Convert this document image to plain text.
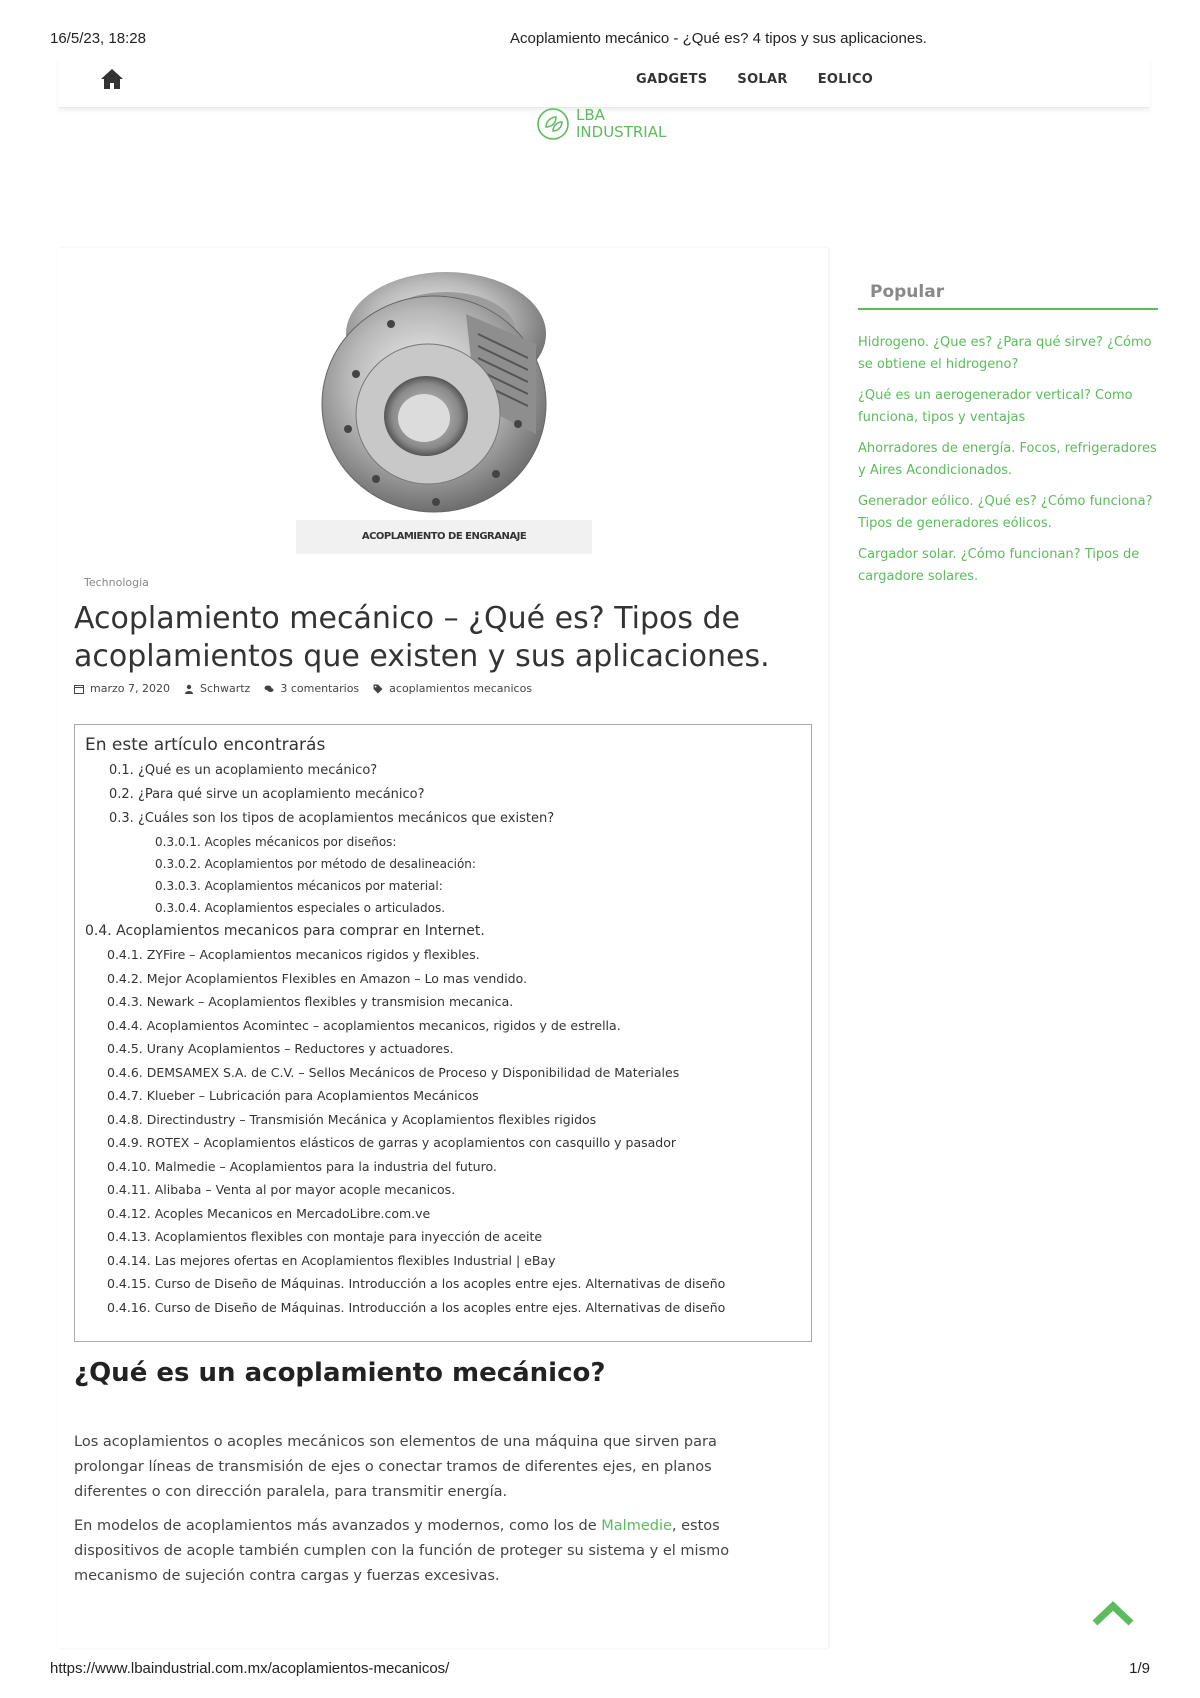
16/5/23, 18:28	Acoplamiento mecánico - ¿Qué es? 4 tipos y sus aplicaciones.
GADGETS SOLAR EOLICO
LBA
INDUSTRIAL
ACOPLAMIENTO DE ENGRANAJE
Technologia
Acoplamiento mecánico – ¿Qué es? Tipos de acoplamientos que existen y sus aplicaciones.
marzo 7, 2020	Schwartz	3 comentarios	acoplamientos mecanicos
En este artículo encontrarás
0.1. ¿Qué es un acoplamiento mecánico?
0.2. ¿Para qué sirve un acoplamiento mecánico?
0.3. ¿Cuáles son los tipos de acoplamientos mecánicos que existen?
0.3.0.1. Acoples mécanicos por diseños:
0.3.0.2. Acoplamientos por método de desalineación:
0.3.0.3. Acoplamientos mécanicos por material:
0.3.0.4. Acoplamientos especiales o articulados.
0.4. Acoplamientos mecanicos para comprar en Internet.
0.4.1. ZYFire – Acoplamientos mecanicos rigidos y flexibles.
0.4.2. Mejor Acoplamientos Flexibles en Amazon – Lo mas vendido.
0.4.3. Newark – Acoplamientos flexibles y transmision mecanica.
0.4.4. Acoplamientos Acomintec – acoplamientos mecanicos, rigidos y de estrella.
0.4.5. Urany Acoplamientos – Reductores y actuadores.
0.4.6. DEMSAMEX S.A. de C.V. – Sellos Mecánicos de Proceso y Disponibilidad de Materiales
0.4.7. Klueber – Lubricación para Acoplamientos Mecánicos
0.4.8. Directindustry – Transmisión Mecánica y Acoplamientos flexibles rigidos
0.4.9. ROTEX – Acoplamientos elásticos de garras y acoplamientos con casquillo y pasador
0.4.10. Malmedie – Acoplamientos para la industria del futuro.
0.4.11. Alibaba – Venta al por mayor acople mecanicos.
0.4.12. Acoples Mecanicos en MercadoLibre.com.ve
0.4.13. Acoplamientos flexibles con montaje para inyección de aceite
0.4.14. Las mejores ofertas en Acoplamientos flexibles Industrial | eBay
0.4.15. Curso de Diseño de Máquinas. Introducción a los acoples entre ejes. Alternativas de diseño
0.4.16. Curso de Diseño de Máquinas. Introducción a los acoples entre ejes. Alternativas de diseño
¿Qué es un acoplamiento mecánico?

Los acoplamientos o acoples mecánicos son elementos de una máquina que sirven para prolongar líneas de transmisión de ejes o conectar tramos de diferentes ejes, en planos diferentes o con dirección paralela, para transmitir energía.

En modelos de acoplamientos más avanzados y modernos, como los de Malmedie, estos dispositivos de acople también cumplen con la función de proteger su sistema y el mismo mecanismo de sujeción contra cargas y fuerzas excesivas.

Popular
Hidrogeno. ¿Que es? ¿Para qué sirve? ¿Cómo se obtiene el hidrogeno?
¿Qué es un aerogenerador vertical? Como funciona, tipos y ventajas
Ahorradores de energía. Focos, refrigeradores y Aires Acondicionados.
Generador eólico. ¿Qué es? ¿Cómo funciona? Tipos de generadores eólicos.
Cargador solar. ¿Cómo funcionan? Tipos de cargadore solares.
https://www.lbaindustrial.com.mx/acoplamientos-mecanicos/	1/9
